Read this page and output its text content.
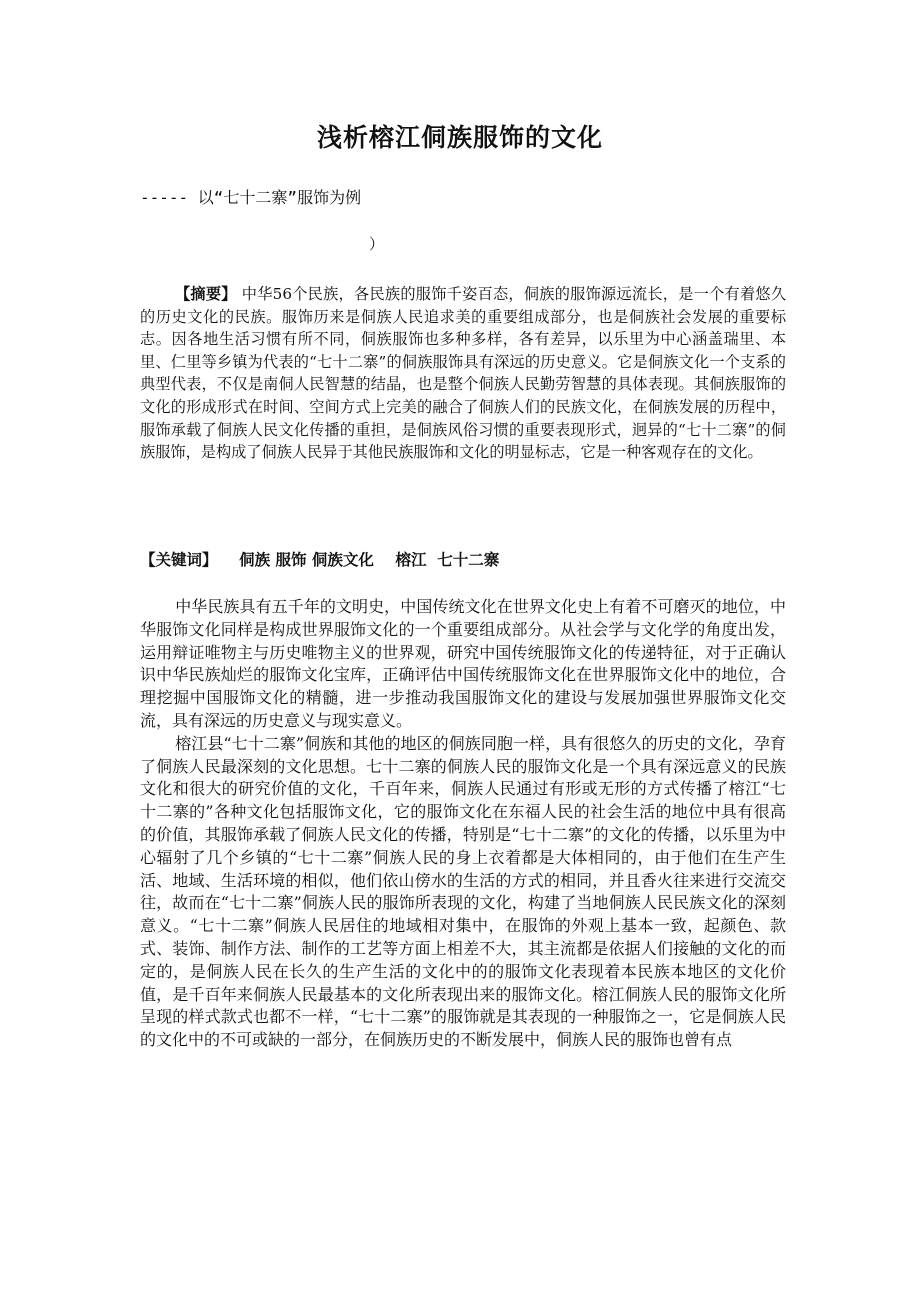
浅析榕江侗族服饰的文化
----- 以“七十二寨”服饰为例
）

【摘要】 中华56个民族，各民族的服饰千姿百态，侗族的服饰源远流长，是一个有着悠久的历史文化的民族。服饰历来是侗族人民追求美的重要组成部分，也是侗族社会发展的重要标志。因各地生活习惯有所不同，侗族服饰也多种多样，各有差异，以乐里为中心涵盖瑞里、本里、仁里等乡镇为代表的“七十二寨”的侗族服饰具有深远的历史意义。它是侗族文化一个支系的典型代表，不仅是南侗人民智慧的结晶，也是整个侗族人民勤劳智慧的具体表现。其侗族服饰的文化的形成形式在时间、空间方式上完美的融合了侗族人们的民族文化，在侗族发展的历程中，服饰承载了侗族人民文化传播的重担，是侗族风俗习惯的重要表现形式，迥异的“七十二寨”的侗族服饰，是构成了侗族人民异于其他民族服饰和文化的明显标志，它是一种客观存在的文化。

【关键词】    侗族 服饰 侗族文化    榕江  七十二寨

中华民族具有五千年的文明史，中国传统文化在世界文化史上有着不可磨灭的地位，中华服饰文化同样是构成世界服饰文化的一个重要组成部分。从社会学与文化学的角度出发，运用辩证唯物主与历史唯物主义的世界观，研究中国传统服饰文化的传递特征，对于正确认识中华民族灿烂的服饰文化宝库，正确评估中国传统服饰文化在世界服饰文化中的地位，合理挖掘中国服饰文化的精髓，进一步推动我国服饰文化的建设与发展加强世界服饰文化交流，具有深远的历史意义与现实意义。

榕江县“七十二寨”侗族和其他的地区的侗族同胞一样，具有很悠久的历史的文化，孕育了侗族人民最深刻的文化思想。七十二寨的侗族人民的服饰文化是一个具有深远意义的民族文化和很大的研究价值的文化，千百年来，侗族人民通过有形或无形的方式传播了榕江“七十二寨的”各种文化包括服饰文化，它的服饰文化在东福人民的社会生活的地位中具有很高的价值，其服饰承载了侗族人民文化的传播，特别是“七十二寨”的文化的传播，以乐里为中心辐射了几个乡镇的“七十二寨”侗族人民的身上衣着都是大体相同的，由于他们在生产生活、地域、生活环境的相似，他们依山傍水的生活的方式的相同，并且香火往来进行交流交往，故而在“七十二寨”侗族人民的服饰所表现的文化，构建了当地侗族人民民族文化的深刻意义。“七十二寨”侗族人民居住的地域相对集中，在服饰的外观上基本一致，起颜色、款式、装饰、制作方法、制作的工艺等方面上相差不大，其主流都是依据人们接触的文化的而定的，是侗族人民在长久的生产生活的文化中的的服饰文化表现着本民族本地区的文化价值，是千百年来侗族人民最基本的文化所表现出来的服饰文化。榕江侗族人民的服饰文化所呈现的样式款式也都不一样，“七十二寨”的服饰就是其表现的一种服饰之一，它是侗族人民的文化中的不可或缺的一部分，在侗族历史的不断发展中，侗族人民的服饰也曾有点
